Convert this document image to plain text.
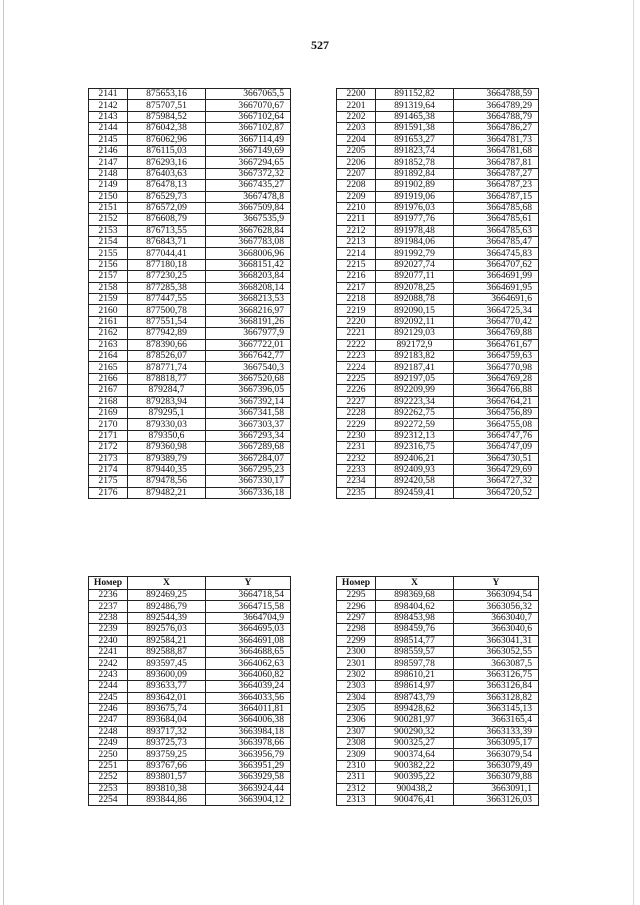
527
2141	875653,16	3667065,5
2142	875707,51	3667070,67
2143	875984,52	3667102,64
2144	876042,38	3667102,87
2145	876062,96	3667114,49
2146	876115,03	3667149,69
2147	876293,16	3667294,65
2148	876403,63	3667372,32
2149	876478,13	3667435,27
2150	876529,73	3667478,8
2151	876572,09	3667509,84
2152	876608,79	3667535,9
2153	876713,55	3667628,84
2154	876843,71	3667783,08
2155	877044,41	3668006,96
2156	877180,18	3668151,42
2157	877230,25	3668203,84
2158	877285,38	3668208,14
2159	877447,55	3668213,53
2160	877500,78	3668216,97
2161	877551,54	3668191,26
2162	877942,89	3667977,9
2163	878390,66	3667722,01
2164	878526,07	3667642,77
2165	878771,74	3667540,3
2166	878818,77	3667520,68
2167	879284,7	3667396,05
2168	879283,94	3667392,14
2169	879295,1	3667341,58
2170	879330,03	3667303,37
2171	879350,6	3667293,34
2172	879360,98	3667289,68
2173	879389,79	3667284,07
2174	879440,35	3667295,23
2175	879478,56	3667330,17
2176	879482,21	3667336,18
2200	891152,82	3664788,59
2201	891319,64	3664789,29
2202	891465,38	3664788,79
2203	891591,38	3664786,27
2204	891653,27	3664781,73
2205	891823,74	3664781,68
2206	891852,78	3664787,81
2207	891892,84	3664787,27
2208	891902,89	3664787,23
2209	891919,06	3664787,15
2210	891976,03	3664785,68
2211	891977,76	3664785,61
2212	891978,48	3664785,63
2213	891984,06	3664785,47
2214	891992,79	3664745,83
2215	892027,74	3664707,62
2216	892077,11	3664691,99
2217	892078,25	3664691,95
2218	892088,78	3664691,6
2219	892090,15	3664725,34
2220	892092,11	3664770,42
2221	892129,03	3664769,88
2222	892172,9	3664761,67
2223	892183,82	3664759,63
2224	892187,41	3664770,98
2225	892197,05	3664769,28
2226	892209,99	3664766,88
2227	892223,34	3664764,21
2228	892262,75	3664756,89
2229	892272,59	3664755,08
2230	892312,13	3664747,76
2231	892316,75	3664747,09
2232	892406,21	3664730,51
2233	892409,93	3664729,69
2234	892420,58	3664727,32
2235	892459,41	3664720,52
Номер	X	Y
2236	892469,25	3664718,54
2237	892486,79	3664715,58
2238	892544,39	3664704,9
2239	892576,03	3664695,03
2240	892584,21	3664691,08
2241	892588,87	3664688,65
2242	893597,45	3664062,63
2243	893600,09	3664060,82
2244	893633,77	3664039,24
2245	893642,01	3664033,56
2246	893675,74	3664011,81
2247	893684,04	3664006,38
2248	893717,32	3663984,18
2249	893725,73	3663978,66
2250	893759,25	3663956,79
2251	893767,66	3663951,29
2252	893801,57	3663929,58
2253	893810,38	3663924,44
2254	893844,86	3663904,12
Номер	X	Y
2295	898369,68	3663094,54
2296	898404,62	3663056,32
2297	898453,98	3663040,7
2298	898459,76	3663040,6
2299	898514,77	3663041,31
2300	898559,57	3663052,55
2301	898597,78	3663087,5
2302	898610,21	3663126,75
2303	898614,97	3663126,84
2304	898743,79	3663128,82
2305	899428,62	3663145,13
2306	900281,97	3663165,4
2307	900290,32	3663133,39
2308	900325,27	3663095,17
2309	900374,64	3663079,54
2310	900382,22	3663079,49
2311	900395,22	3663079,88
2312	900438,2	3663091,1
2313	900476,41	3663126,03
